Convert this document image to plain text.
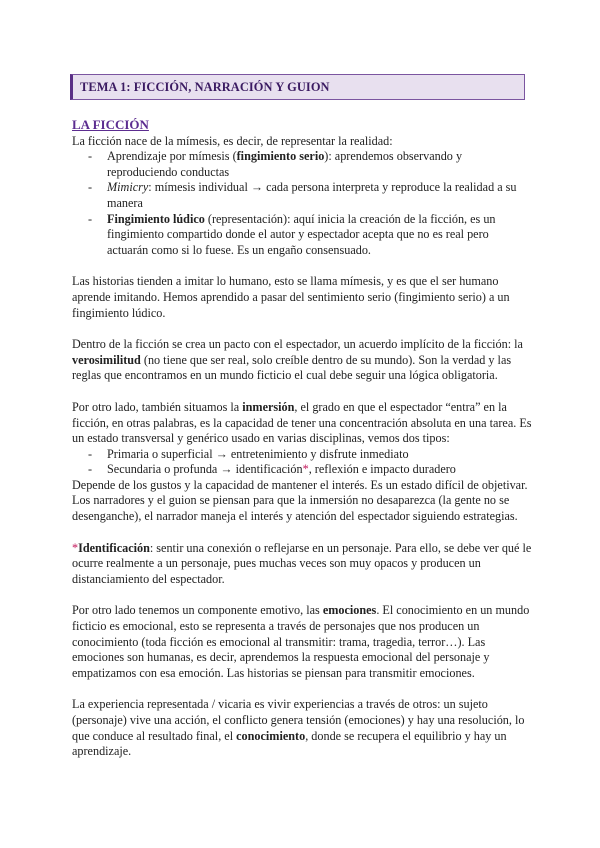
TEMA 1: FICCIÓN, NARRACIÓN Y GUION
LA FICCIÓN

La ficción nace de la mímesis, es decir, de representar la realidad:

- Aprendizaje por mímesis (fingimiento serio): aprendemos observando y reproduciendo conductas
- Mimicry: mímesis individual → cada persona interpreta y reproduce la realidad a su manera
- Fingimiento lúdico (representación): aquí inicia la creación de la ficción, es un fingimiento compartido donde el autor y espectador acepta que no es real pero actuarán como si lo fuese. Es un engaño consensuado.

Las historias tienden a imitar lo humano, esto se llama mímesis, y es que el ser humano aprende imitando. Hemos aprendido a pasar del sentimiento serio (fingimiento serio) a un fingimiento lúdico.

Dentro de la ficción se crea un pacto con el espectador, un acuerdo implícito de la ficción: la verosimilitud (no tiene que ser real, solo creíble dentro de su mundo). Son la verdad y las reglas que encontramos en un mundo ficticio el cual debe seguir una lógica obligatoria.

Por otro lado, también situamos la inmersión, el grado en que el espectador “entra” en la ficción, en otras palabras, es la capacidad de tener una concentración absoluta en una tarea. Es un estado transversal y genérico usado en varias disciplinas, vemos dos tipos:

- Primaria o superficial → entretenimiento y disfrute inmediato
- Secundaria o profunda → identificación*, reflexión e impacto duradero

Depende de los gustos y la capacidad de mantener el interés. Es un estado difícil de objetivar. Los narradores y el guion se piensan para que la inmersión no desaparezca (la gente no se desenganche), el narrador maneja el interés y atención del espectador siguiendo estrategias.

*Identificación: sentir una conexión o reflejarse en un personaje. Para ello, se debe ver qué le ocurre realmente a un personaje, pues muchas veces son muy opacos y producen un distanciamiento del espectador.

Por otro lado tenemos un componente emotivo, las emociones. El conocimiento en un mundo ficticio es emocional, esto se representa a través de personajes que nos producen un conocimiento (toda ficción es emocional al transmitir: trama, tragedia, terror…). Las emociones son humanas, es decir, aprendemos la respuesta emocional del personaje y empatizamos con esa emoción. Las historias se piensan para transmitir emociones.

La experiencia representada / vicaria es vivir experiencias a través de otros: un sujeto (personaje) vive una acción, el conflicto genera tensión (emociones) y hay una resolución, lo que conduce al resultado final, el conocimiento, donde se recupera el equilibrio y hay un aprendizaje.
